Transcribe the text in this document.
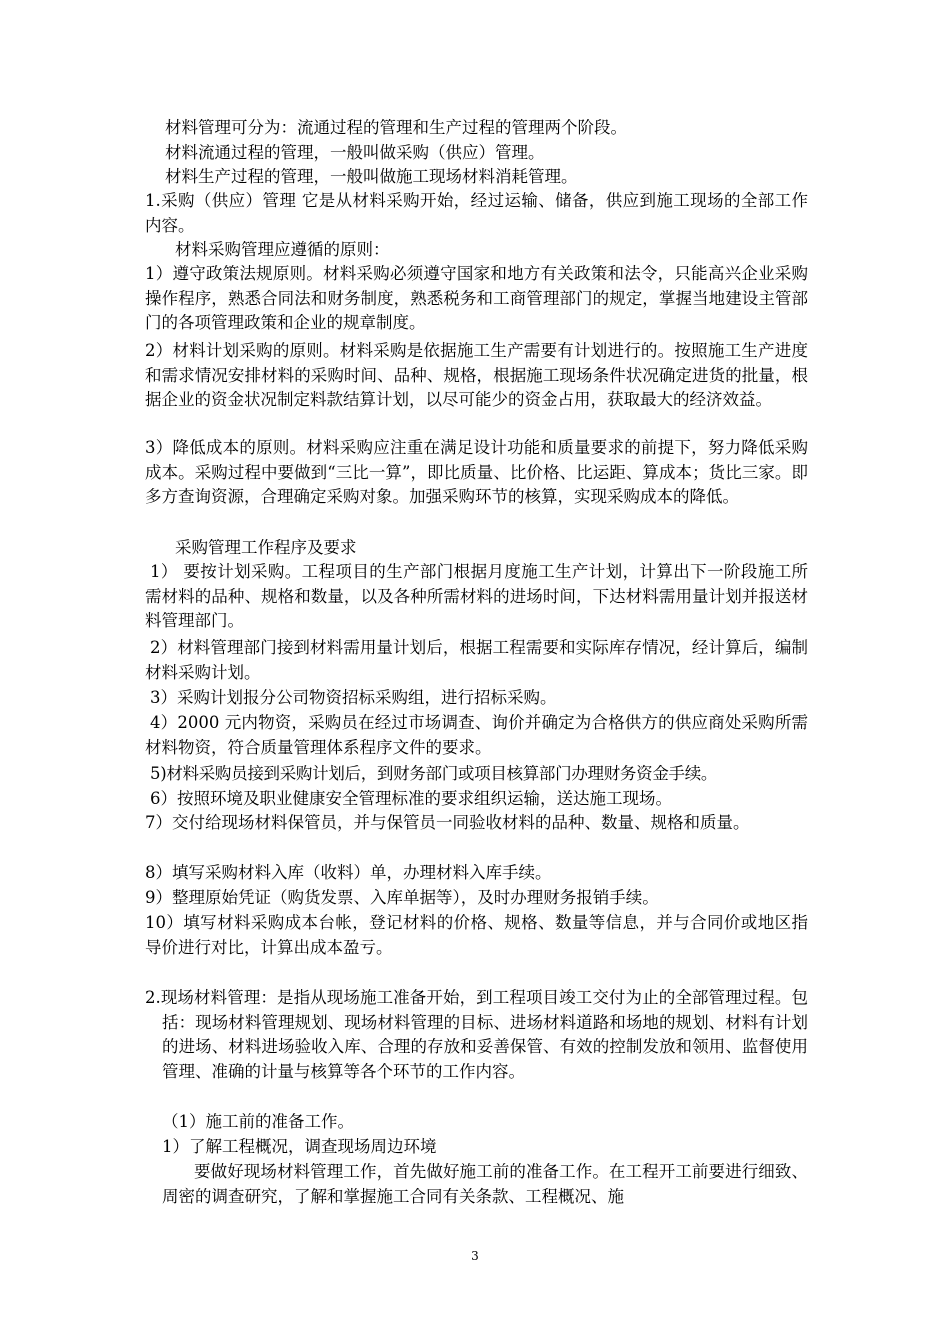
材料管理可分为：流通过程的管理和生产过程的管理两个阶段。

材料流通过程的管理，一般叫做采购（供应）管理。

材料生产过程的管理，一般叫做施工现场材料消耗管理。

1.采购（供应）管理 它是从材料采购开始，经过运输、储备，供应到施工现场的全部工作内容。

材料采购管理应遵循的原则：

1）遵守政策法规原则。材料采购必须遵守国家和地方有关政策和法令，只能高兴企业采购操作程序，熟悉合同法和财务制度，熟悉税务和工商管理部门的规定，掌握当地建设主管部门的各项管理政策和企业的规章制度。

2）材料计划采购的原则。材料采购是依据施工生产需要有计划进行的。按照施工生产进度和需求情况安排材料的采购时间、品种、规格，根据施工现场条件状况确定进货的批量，根据企业的资金状况制定料款结算计划，以尽可能少的资金占用，获取最大的经济效益。

3）降低成本的原则。材料采购应注重在满足设计功能和质量要求的前提下，努力降低采购成本。采购过程中要做到“三比一算”，即比质量、比价格、比运距、算成本；货比三家。即多方查询资源，合理确定采购对象。加强采购环节的核算，实现采购成本的降低。

采购管理工作程序及要求

1） 要按计划采购。工程项目的生产部门根据月度施工生产计划，计算出下一阶段施工所需材料的品种、规格和数量，以及各种所需材料的进场时间，下达材料需用量计划并报送材料管理部门。

2）材料管理部门接到材料需用量计划后，根据工程需要和实际库存情况，经计算后，编制材料采购计划。

3）采购计划报分公司物资招标采购组，进行招标采购。

4）2000 元内物资，采购员在经过市场调查、询价并确定为合格供方的供应商处采购所需材料物资，符合质量管理体系程序文件的要求。

5)材料采购员接到采购计划后，到财务部门或项目核算部门办理财务资金手续。

6）按照环境及职业健康安全管理标准的要求组织运输，送达施工现场。

7）交付给现场材料保管员，并与保管员一同验收材料的品种、数量、规格和质量。

8）填写采购材料入库（收料）单，办理材料入库手续。

9）整理原始凭证（购货发票、入库单据等），及时办理财务报销手续。

10）填写材料采购成本台帐，登记材料的价格、规格、数量等信息，并与合同价或地区指导价进行对比，计算出成本盈亏。

2.现场材料管理：是指从现场施工准备开始，到工程项目竣工交付为止的全部管理过程。包括：现场材料管理规划、现场材料管理的目标、进场材料道路和场地的规划、材料有计划的进场、材料进场验收入库、合理的存放和妥善保管、有效的控制发放和领用、监督使用管理、准确的计量与核算等各个环节的工作内容。

（1）施工前的准备工作。

1）了解工程概况，调查现场周边环境

要做好现场材料管理工作，首先做好施工前的准备工作。在工程开工前要进行细致、周密的调查研究，了解和掌握施工合同有关条款、工程概况、施

3
